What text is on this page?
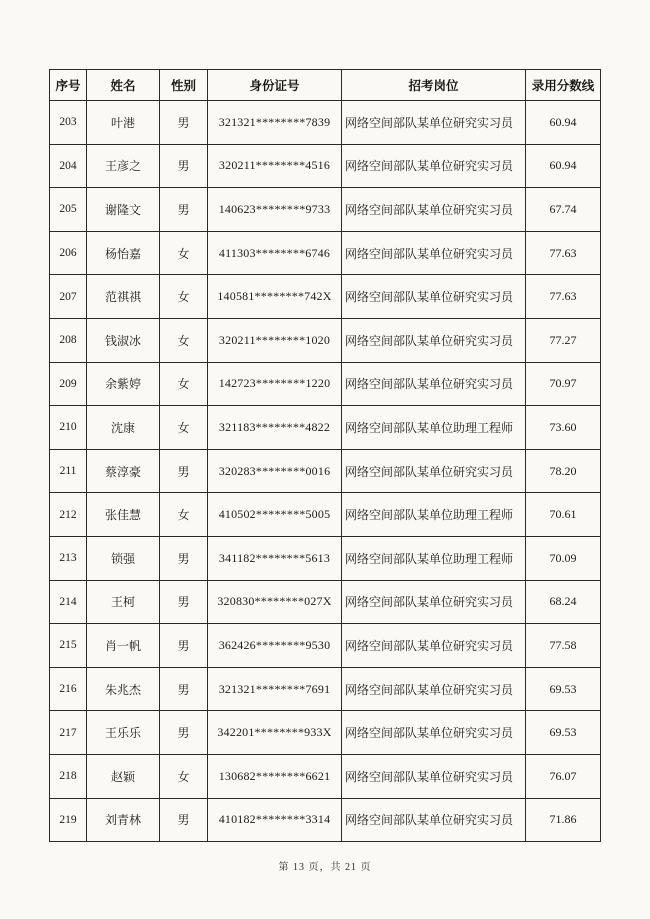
序号	姓名	性别	身份证号	招考岗位	录用分数线
203	叶港	男	321321********7839	网络空间部队某单位研究实习员	60.94
204	王彦之	男	320211********4516	网络空间部队某单位研究实习员	60.94
205	谢隆文	男	140623********9733	网络空间部队某单位研究实习员	67.74
206	杨怡嘉	女	411303********6746	网络空间部队某单位研究实习员	77.63
207	范祺祺	女	140581********742X	网络空间部队某单位研究实习员	77.63
208	钱淑冰	女	320211********1020	网络空间部队某单位研究实习员	77.27
209	余紫婷	女	142723********1220	网络空间部队某单位研究实习员	70.97
210	沈康	女	321183********4822	网络空间部队某单位助理工程师	73.60
211	蔡淳豪	男	320283********0016	网络空间部队某单位研究实习员	78.20
212	张佳慧	女	410502********5005	网络空间部队某单位助理工程师	70.61
213	锁强	男	341182********5613	网络空间部队某单位助理工程师	70.09
214	王柯	男	320830********027X	网络空间部队某单位研究实习员	68.24
215	肖一帆	男	362426********9530	网络空间部队某单位研究实习员	77.58
216	朱兆杰	男	321321********7691	网络空间部队某单位研究实习员	69.53
217	王乐乐	男	342201********933X	网络空间部队某单位研究实习员	69.53
218	赵颖	女	130682********6621	网络空间部队某单位研究实习员	76.07
219	刘青林	男	410182********3314	网络空间部队某单位研究实习员	71.86
第 13 页，共 21 页
